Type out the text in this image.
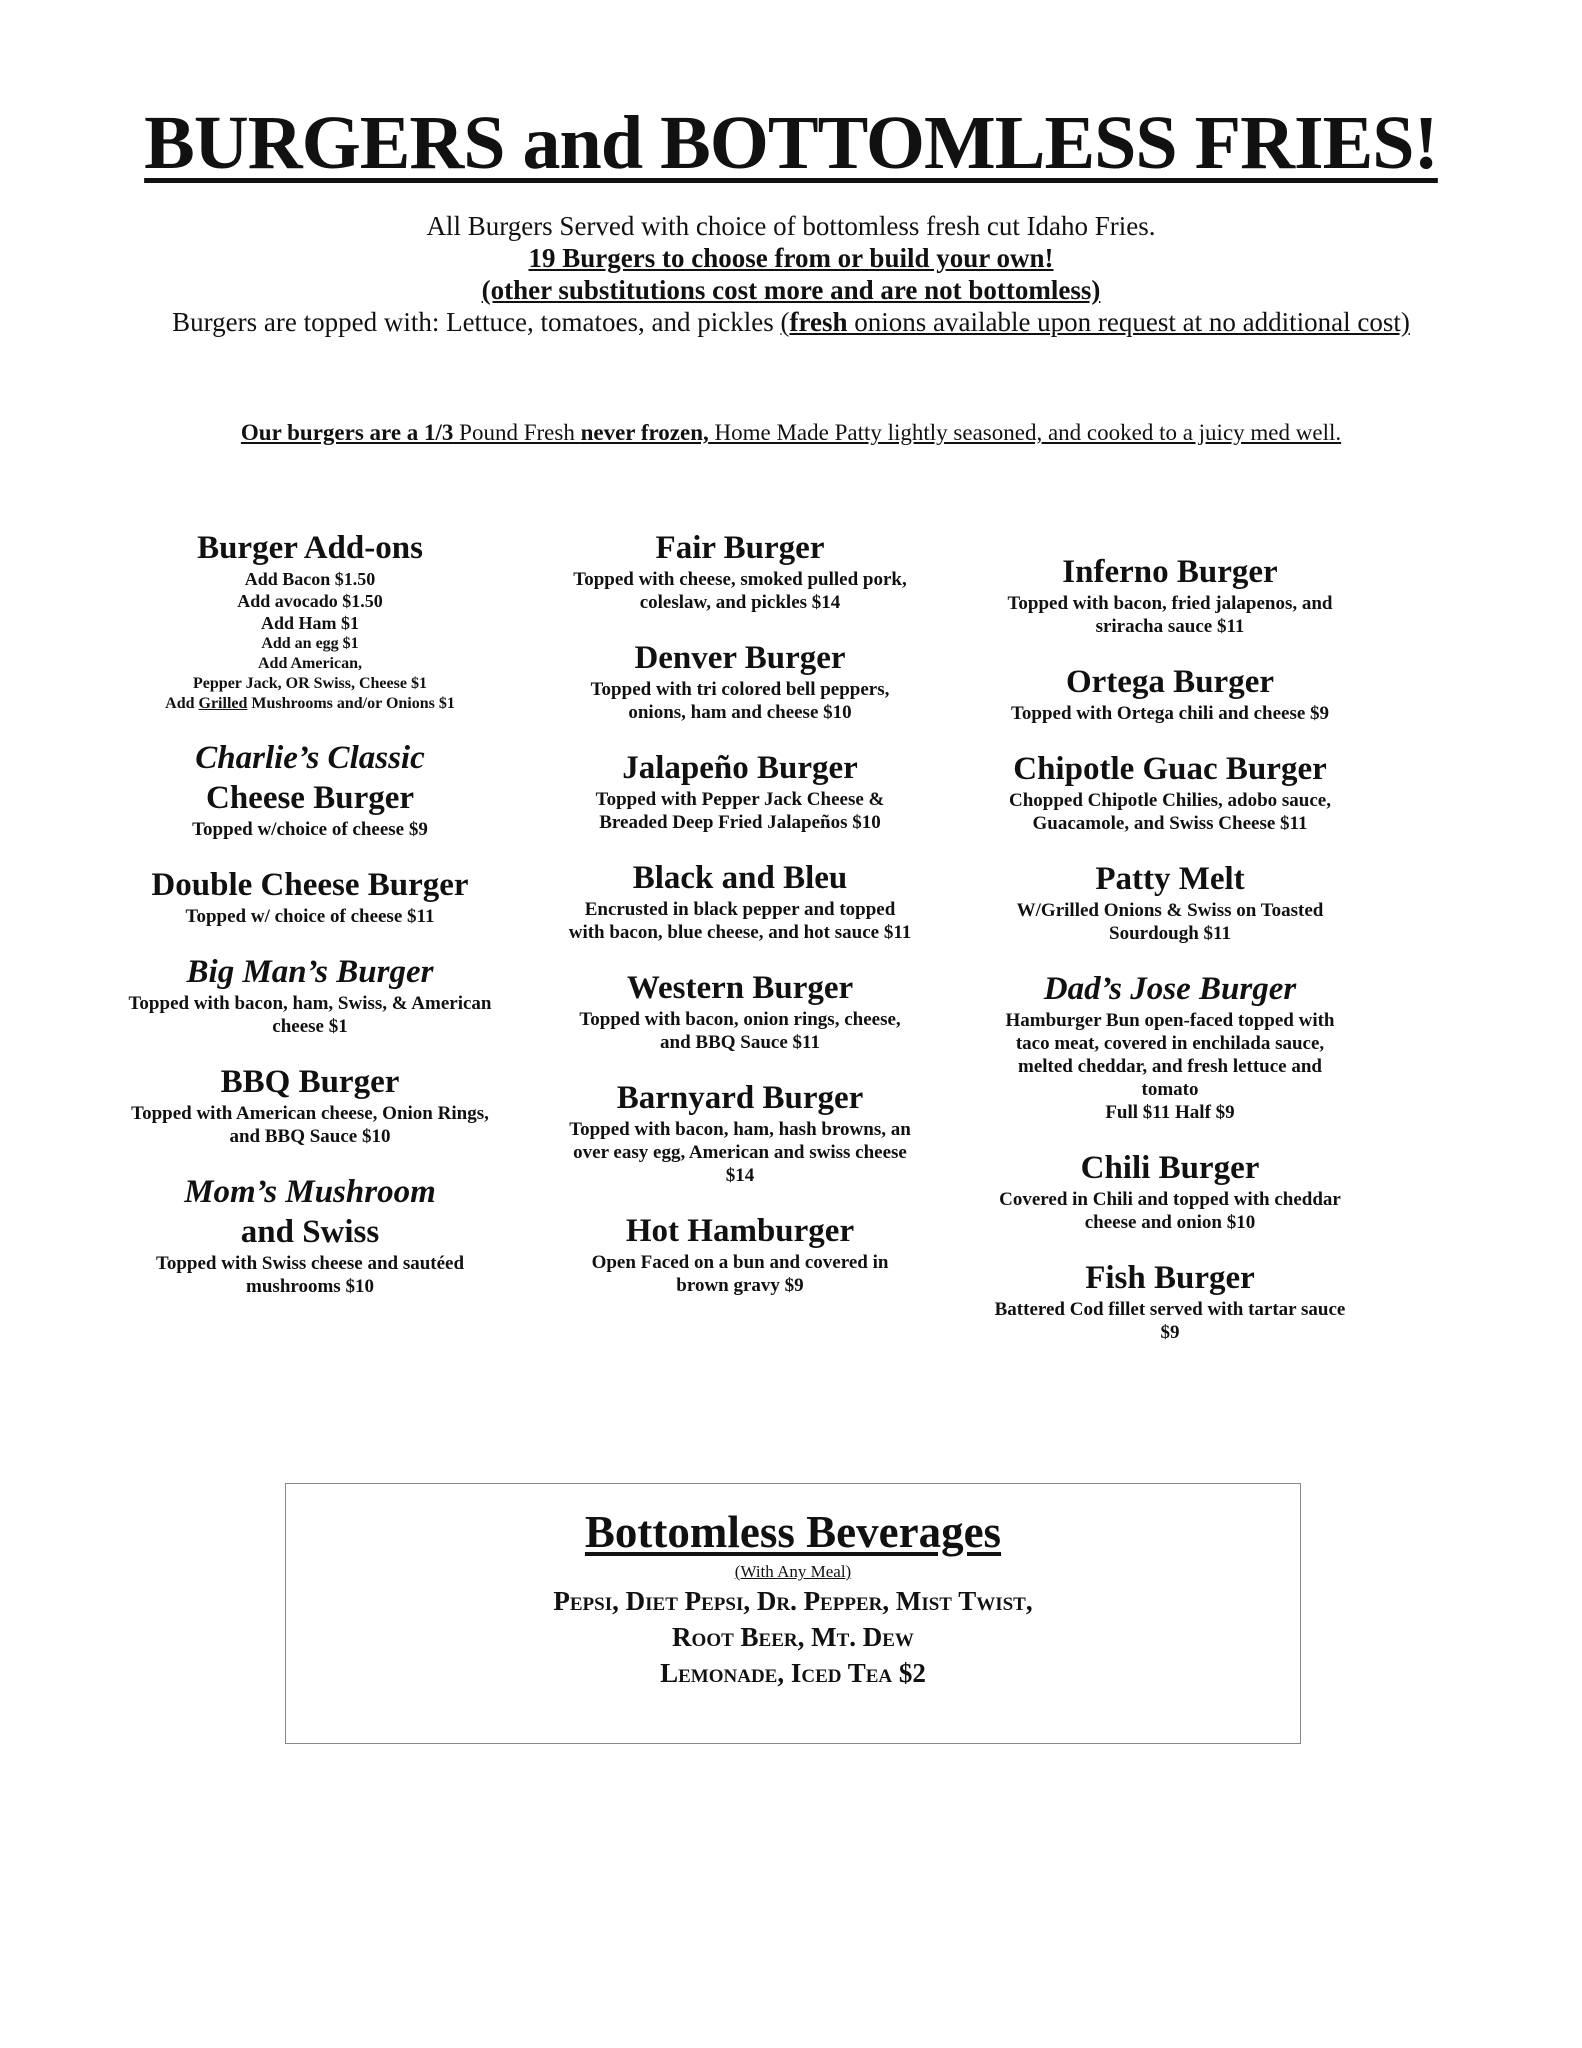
BURGERS and BOTTOMLESS FRIES!
All Burgers Served with choice of bottomless fresh cut Idaho Fries.
19 Burgers to choose from or build your own!
(other substitutions cost more and are not bottomless)
Burgers are topped with: Lettuce, tomatoes, and pickles (fresh onions available upon request at no additional cost)
Our burgers are a 1/3 Pound Fresh never frozen, Home Made Patty lightly seasoned, and cooked to a juicy med well.
Burger Add-ons
Add Bacon $1.50
Add avocado $1.50
Add Ham $1
Add an egg $1
Add American,
Pepper Jack, OR Swiss, Cheese $1
Add Grilled Mushrooms and/or Onions $1
Charlie’s Classic
Cheese Burger
Topped w/choice of cheese $9
Double Cheese Burger
Topped w/ choice of cheese $11
Big Man’s Burger
Topped with bacon, ham, Swiss, & American cheese $1
BBQ Burger
Topped with American cheese, Onion Rings, and BBQ Sauce $10
Mom’s Mushroom
and Swiss
Topped with Swiss cheese and sautéed mushrooms $10
Fair Burger
Topped with cheese, smoked pulled pork, coleslaw, and pickles $14
Denver Burger
Topped with tri colored bell peppers, onions, ham and cheese $10
Jalapeño Burger
Topped with Pepper Jack Cheese & Breaded Deep Fried Jalapeños $10
Black and Bleu
Encrusted in black pepper and topped with bacon, blue cheese, and hot sauce $11
Western Burger
Topped with bacon, onion rings, cheese, and BBQ Sauce $11
Barnyard Burger
Topped with bacon, ham, hash browns, an over easy egg, American and swiss cheese $14
Hot Hamburger
Open Faced on a bun and covered in brown gravy $9
Inferno Burger
Topped with bacon, fried jalapenos, and sriracha sauce $11
Ortega Burger
Topped with Ortega chili and cheese $9
Chipotle Guac Burger
Chopped Chipotle Chilies, adobo sauce, Guacamole, and Swiss Cheese $11
Patty Melt
W/Grilled Onions & Swiss on Toasted Sourdough $11
Dad’s Jose Burger
Hamburger Bun open-faced topped with taco meat, covered in enchilada sauce, melted cheddar, and fresh lettuce and tomato
Full $11 Half $9
Chili Burger
Covered in Chili and topped with cheddar cheese and onion $10
Fish Burger
Battered Cod fillet served with tartar sauce $9
Bottomless Beverages
(With Any Meal)
Pepsi, Diet Pepsi, Dr. Pepper, Mist Twist,
Root Beer, Mt. Dew
Lemonade, Iced Tea $2
